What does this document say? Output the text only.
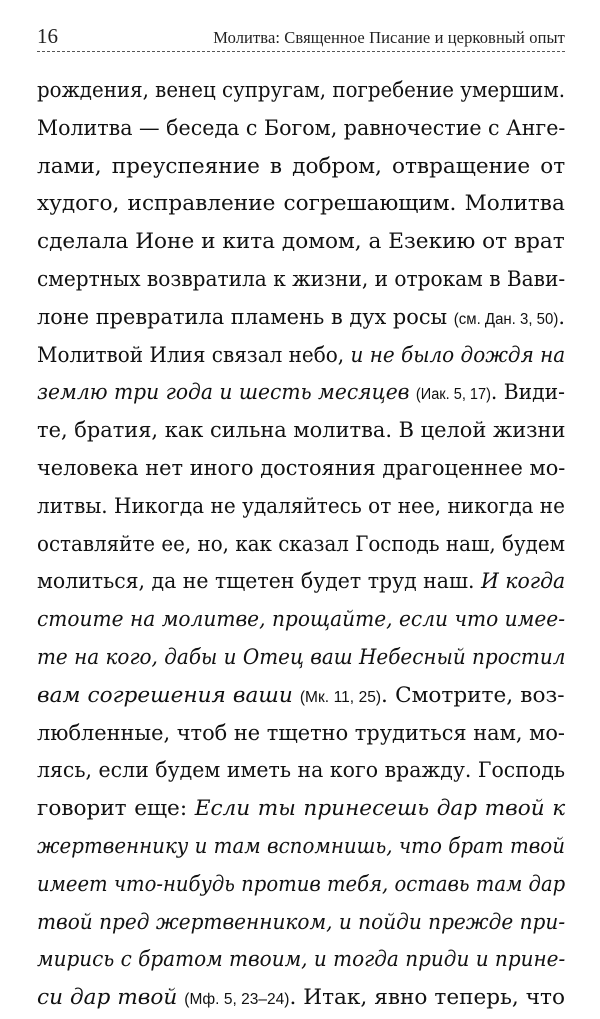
16	Молитва: Священное Писание и церковный опыт
рождения, венец супругам, погребение умершим.
Молитва — беседа с Богом, равночестие с Анге-
лами, преуспеяние в добром, отвращение от
худого, исправление согрешающим. Молитва
сделала Ионе и кита домом, а Езекию от врат
смертных возвратила к жизни, и отрокам в Вави-
лоне превратила пламень в дух росы (см. Дан. 3, 50).
Молитвой Илия связал небо, и не было дождя на
землю три года и шесть месяцев (Иак. 5, 17). Види-
те, братия, как сильна молитва. В целой жизни
человека нет иного достояния драгоценнее мо-
литвы. Никогда не удаляйтесь от нее, никогда не
оставляйте ее, но, как сказал Господь наш, будем
молиться, да не тщетен будет труд наш. И когда
стоите на молитве, прощайте, если что имее-
те на кого, дабы и Отец ваш Небесный простил
вам согрешения ваши (Мк. 11, 25). Смотрите, воз-
любленные, чтоб не тщетно трудиться нам, мо-
лясь, если будем иметь на кого вражду. Господь
говорит еще: Если ты принесешь дар твой к
жертвеннику и там вспомнишь, что брат твой
имеет что-нибудь против тебя, оставь там дар
твой пред жертвенником, и пойди прежде при-
мирись с братом твоим, и тогда приди и прине-
си дар твой (Мф. 5, 23–24). Итак, явно теперь, что
